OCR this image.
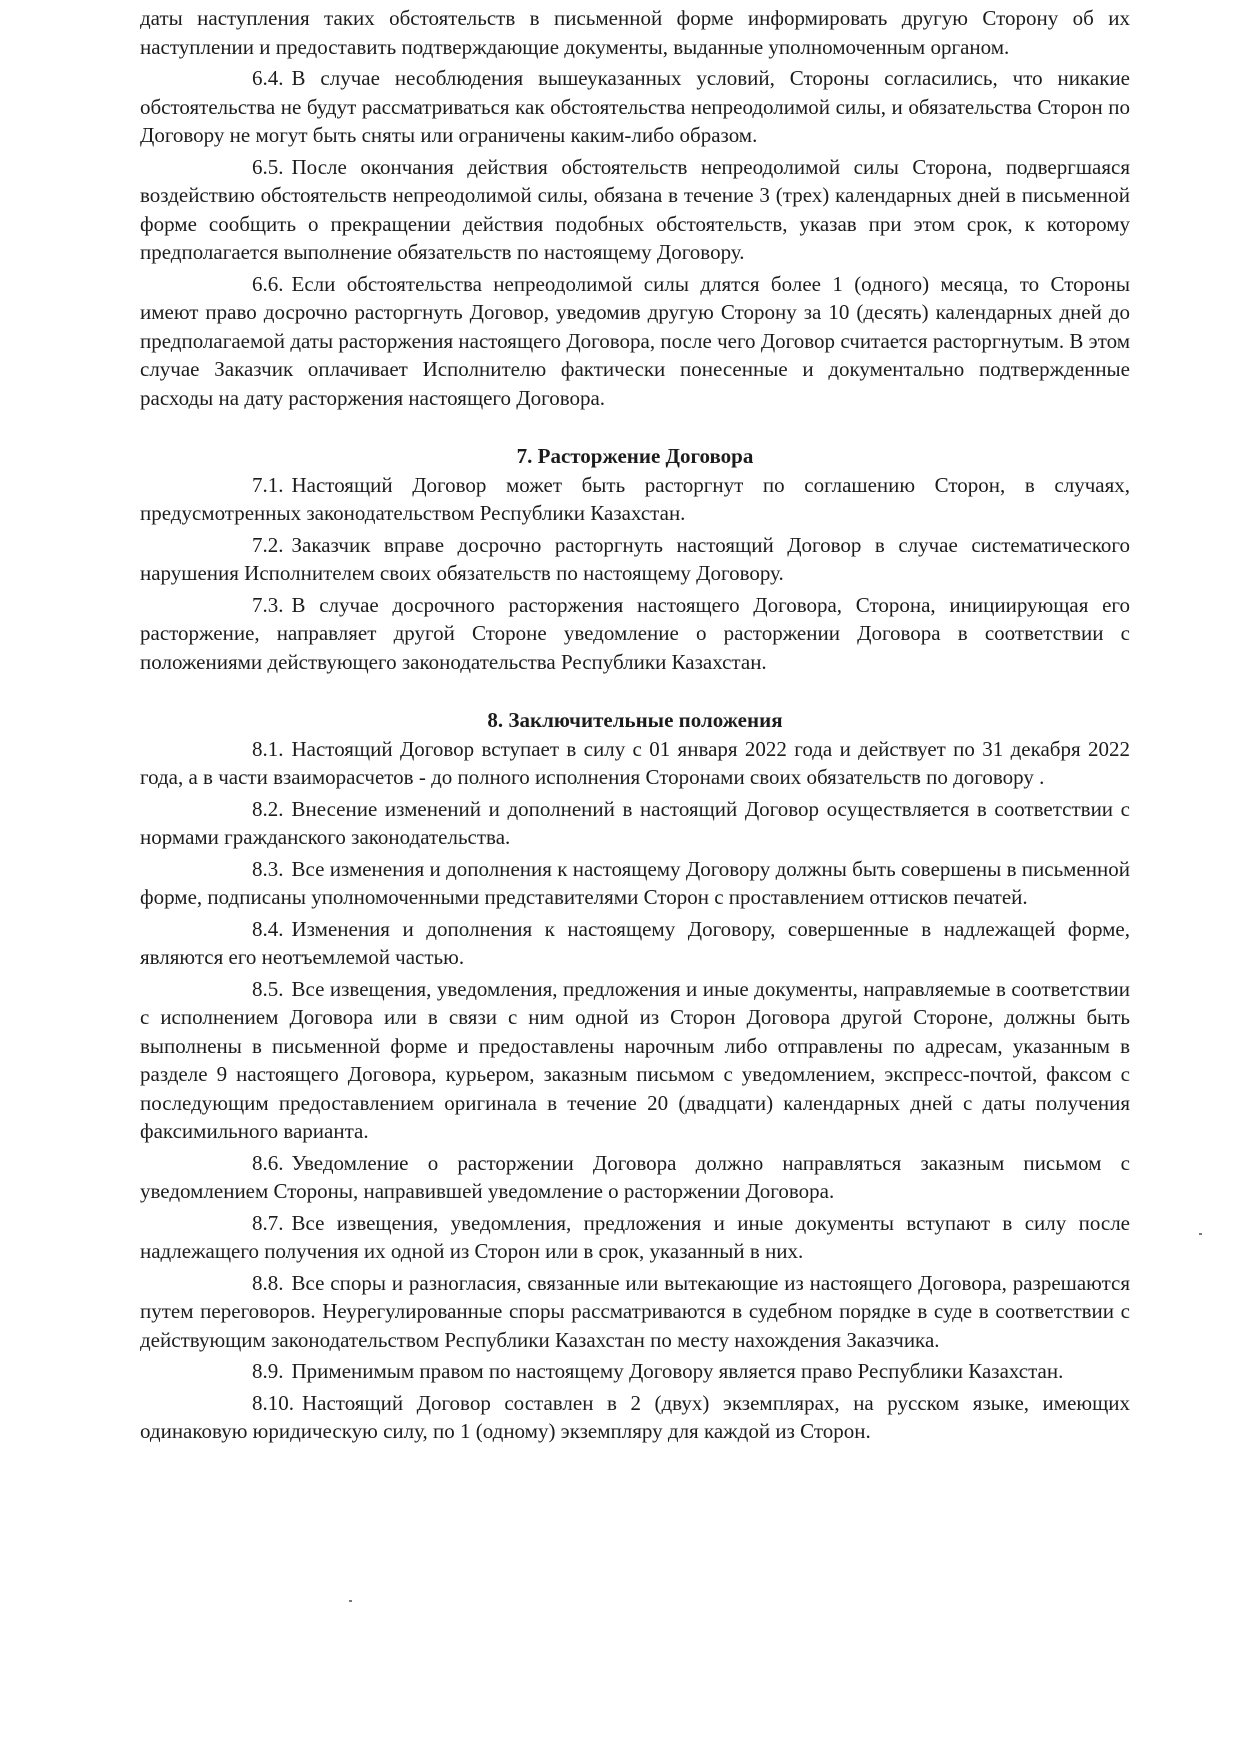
даты наступления таких обстоятельств в письменной форме информировать другую Сторону об их наступлении и предоставить подтверждающие документы, выданные уполномоченным органом.

6.4. В случае несоблюдения вышеуказанных условий, Стороны согласились, что никакие обстоятельства не будут рассматриваться как обстоятельства непреодолимой силы, и обязательства Сторон по Договору не могут быть сняты или ограничены каким-либо образом.

6.5. После окончания действия обстоятельств непреодолимой силы Сторона, подвергшаяся воздействию обстоятельств непреодолимой силы, обязана в течение 3 (трех) календарных дней в письменной форме сообщить о прекращении действия подобных обстоятельств, указав при этом срок, к которому предполагается выполнение обязательств по настоящему Договору.

6.6. Если обстоятельства непреодолимой силы длятся более 1 (одного) месяца, то Стороны имеют право досрочно расторгнуть Договор, уведомив другую Сторону за 10 (десять) календарных дней до предполагаемой даты расторжения настоящего Договора, после чего Договор считается расторгнутым. В этом случае Заказчик оплачивает Исполнителю фактически понесенные и документально подтвержденные расходы на дату расторжения настоящего Договора.

7. Расторжение Договора

7.1. Настоящий Договор может быть расторгнут по соглашению Сторон, в случаях, предусмотренных законодательством Республики Казахстан.

7.2. Заказчик вправе досрочно расторгнуть настоящий Договор в случае систематического нарушения Исполнителем своих обязательств по настоящему Договору.

7.3. В случае досрочного расторжения настоящего Договора, Сторона, инициирующая его расторжение, направляет другой Стороне уведомление о расторжении Договора в соответствии с положениями действующего законодательства Республики Казахстан.

8. Заключительные положения

8.1. Настоящий Договор вступает в силу с 01 января 2022 года и действует по 31 декабря 2022 года, а в части взаиморасчетов - до полного исполнения Сторонами своих обязательств по договору .

8.2. Внесение изменений и дополнений в настоящий Договор осуществляется в соответствии с нормами гражданского законодательства.

8.3. Все изменения и дополнения к настоящему Договору должны быть совершены в письменной форме, подписаны уполномоченными представителями Сторон с проставлением оттисков печатей.

8.4. Изменения и дополнения к настоящему Договору, совершенные в надлежащей форме, являются его неотъемлемой частью.

8.5. Все извещения, уведомления, предложения и иные документы, направляемые в соответствии с исполнением Договора или в связи с ним одной из Сторон Договора другой Стороне, должны быть выполнены в письменной форме и предоставлены нарочным либо отправлены по адресам, указанным в разделе 9 настоящего Договора, курьером, заказным письмом с уведомлением, экспресс-почтой, факсом с последующим предоставлением оригинала в течение 20 (двадцати) календарных дней с даты получения факсимильного варианта.

8.6. Уведомление о расторжении Договора должно направляться заказным письмом с уведомлением Стороны, направившей уведомление о расторжении Договора.

8.7. Все извещения, уведомления, предложения и иные документы вступают в силу после надлежащего получения их одной из Сторон или в срок, указанный в них.

8.8. Все споры и разногласия, связанные или вытекающие из настоящего Договора, разрешаются путем переговоров. Неурегулированные споры рассматриваются в судебном порядке в суде в соответствии с действующим законодательством Республики Казахстан по месту нахождения Заказчика.

8.9. Применимым правом по настоящему Договору является право Республики Казахстан.

8.10. Настоящий Договор составлен в 2 (двух) экземплярах, на русском языке, имеющих одинаковую юридическую силу, по 1 (одному) экземпляру для каждой из Сторон.
